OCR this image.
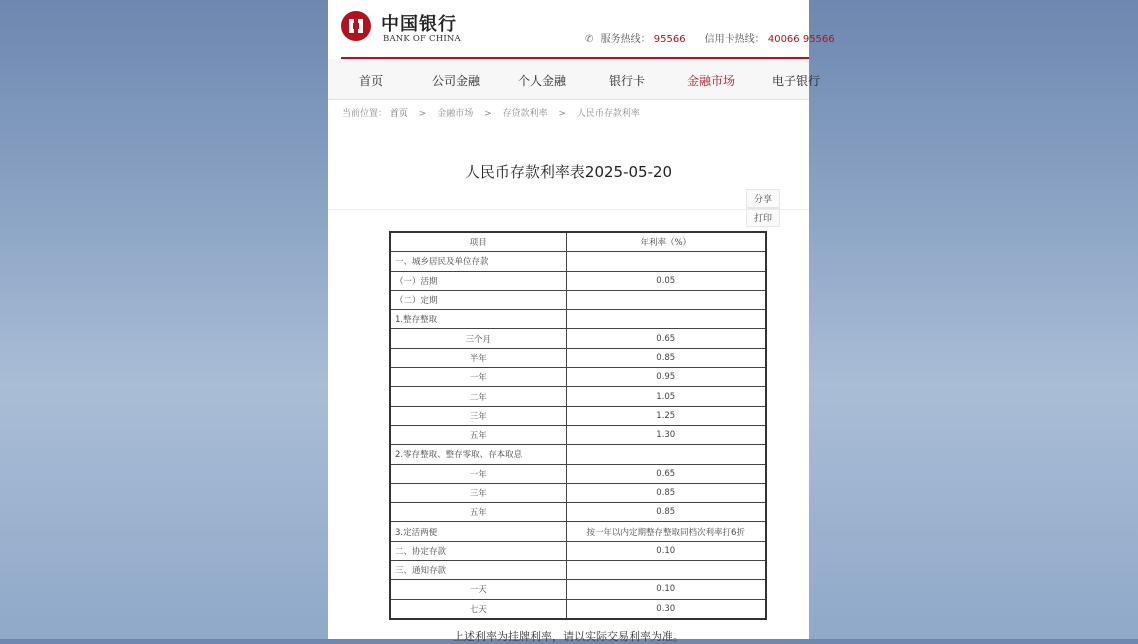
中国银行
BANK OF CHINA	✆ 服务热线： 95566 信用卡热线： 40066 95566
首页	公司金融	个人金融	银行卡	金融市场	电子银行
当前位置： 首页 > 金融市场 > 存贷款利率 > 人民币存款利率
人民币存款利率表2025-05-20
分享打印
项目	年利率（%）
一、城乡居民及单位存款	
（一）活期	0.05
（二）定期	
1.整存整取	
三个月	0.65
半年	0.85
一年	0.95
二年	1.05
三年	1.25
五年	1.30
2.零存整取、整存零取、存本取息	
一年	0.65
三年	0.85
五年	0.85
3.定活两便	按一年以内定期整存整取同档次利率打6折
二、协定存款	0.10
三、通知存款	
一天	0.10
七天	0.30
上述利率为挂牌利率，请以实际交易利率为准。
